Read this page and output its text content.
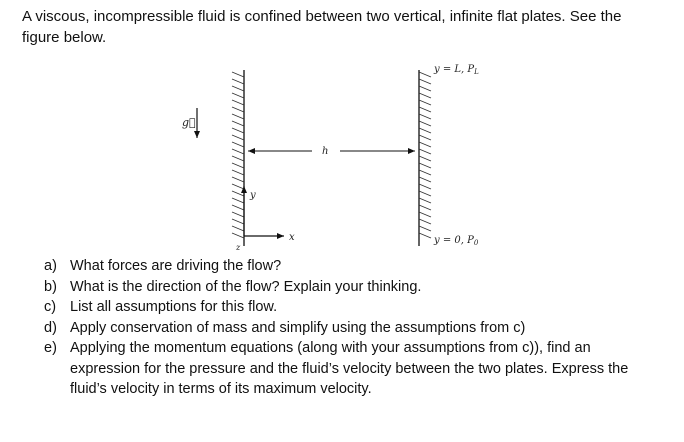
A viscous, incompressible fluid is confined between two vertical, infinite flat plates. See the figure below.

g⃗
h
y
x
z
y = L, $P_L$
y = 0, $P_0$
a) What forces are driving the flow?
b) What is the direction of the flow? Explain your thinking.
c) List all assumptions for this flow.
d) Apply conservation of mass and simplify using the assumptions from c)
e) Applying the momentum equations (along with your assumptions from c)), find an expression for the pressure and the fluid’s velocity between the two plates. Express the fluid’s velocity in terms of its maximum velocity.
